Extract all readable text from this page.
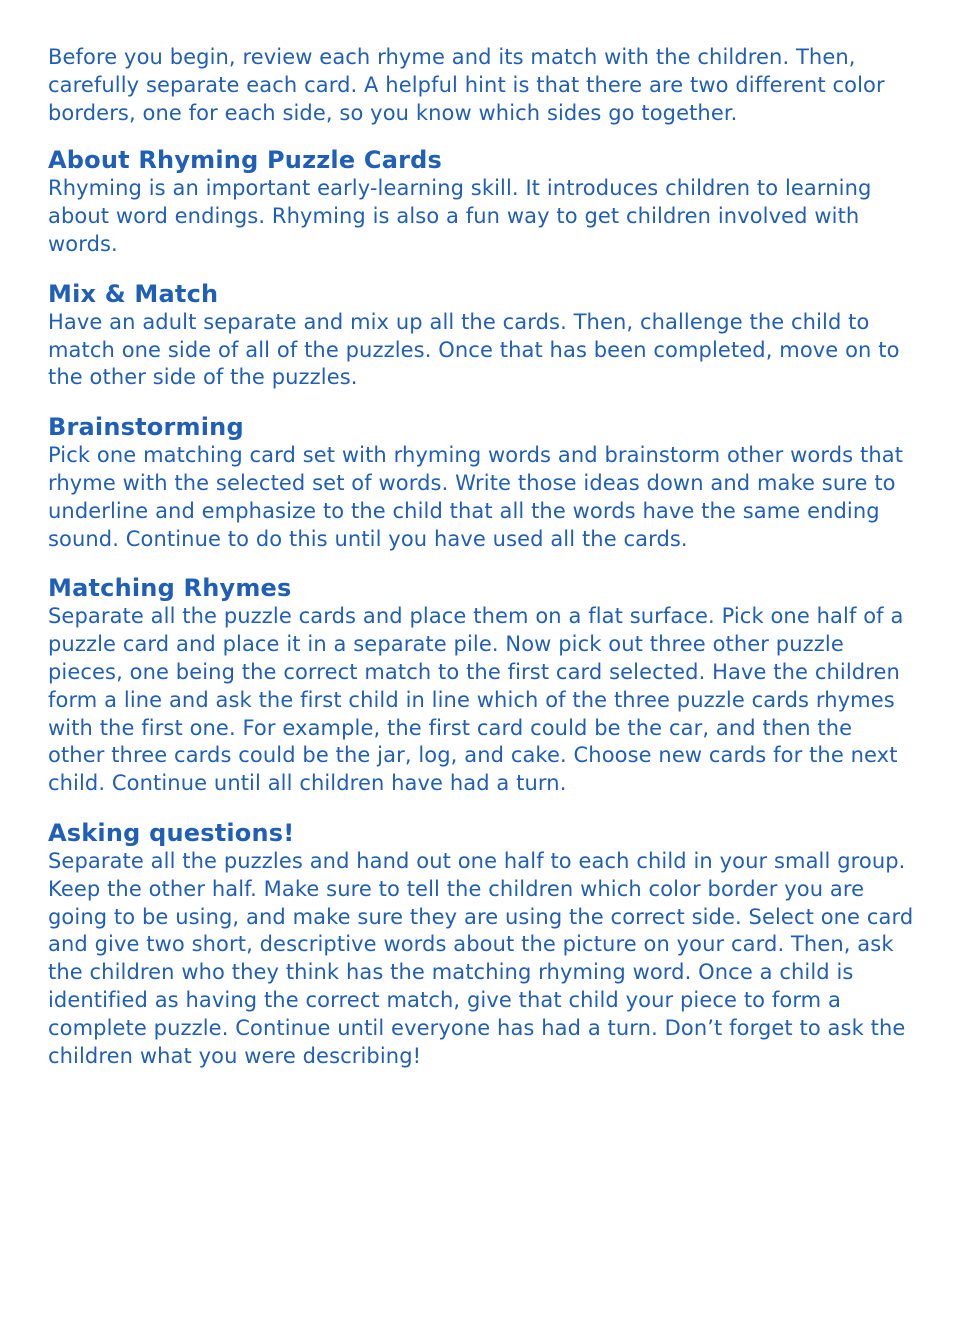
Before you begin, review each rhyme and its match with the children. Then, carefully separate each card. A helpful hint is that there are two different color borders, one for each side, so you know which sides go together.

About Rhyming Puzzle Cards

Rhyming is an important early-learning skill. It introduces children to learning about word endings. Rhyming is also a fun way to get children involved with words.

Mix & Match

Have an adult separate and mix up all the cards. Then, challenge the child to match one side of all of the puzzles. Once that has been completed, move on to the other side of the puzzles.

Brainstorming

Pick one matching card set with rhyming words and brainstorm other words that rhyme with the selected set of words. Write those ideas down and make sure to underline and emphasize to the child that all the words have the same ending sound. Continue to do this until you have used all the cards.

Matching Rhymes

Separate all the puzzle cards and place them on a flat surface. Pick one half of a puzzle card and place it in a separate pile. Now pick out three other puzzle pieces, one being the correct match to the first card selected. Have the children form a line and ask the first child in line which of the three puzzle cards rhymes with the first one. For example, the first card could be the car, and then the other three cards could be the jar, log, and cake. Choose new cards for the next child. Continue until all children have had a turn.

Asking questions!

Separate all the puzzles and hand out one half to each child in your small group. Keep the other half. Make sure to tell the children which color border you are going to be using, and make sure they are using the correct side. Select one card and give two short, descriptive words about the picture on your card. Then, ask the children who they think has the matching rhyming word. Once a child is identified as having the correct match, give that child your piece to form a complete puzzle. Continue until everyone has had a turn. Don’t forget to ask the children what you were describing!
